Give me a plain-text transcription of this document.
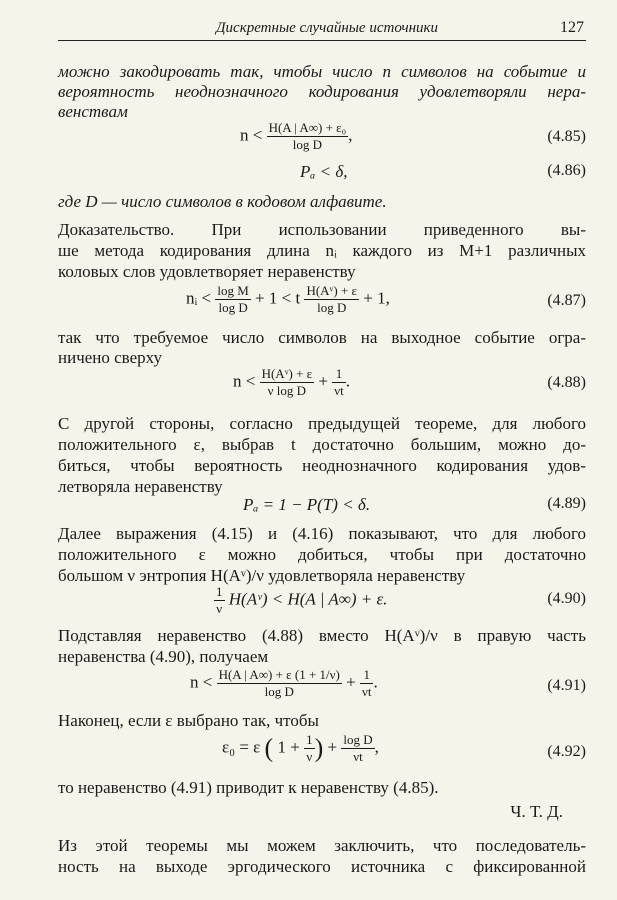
Дискретные случайные источники	127
можно закодировать так, чтобы число n символов на событие и
вероятность неоднозначного кодирования удовлетворяли нера-
венствам
$n < \frac{\text{H(A | A∞) + ε₀}}{\text{log D}}$ ,	(4.85)
Pₐ < δ,	(4.86)
где D — число символов в кодовом алфавите.
Доказательство. При использовании приведенного вы-
ше метода кодирования длина nᵢ каждого из M+1 различных
коловых слов удовлетворяет неравенству
nᵢ < $\frac{\text{log M}}{\text{log D}} + 1 < t \frac{\text{H(Aᵛ) + ε}}{\text{log D}} + 1$,	(4.87)
так что требуемое число символов на выходное событие огра-
ничено сверху
$n < \frac{\text{H(Aᵛ) + ε}}{\text{ν log D}} + \frac{1}{\nu t}$ .	(4.88)
С другой стороны, согласно предыдущей теореме, для любого
положительного ε, выбрав t достаточно большим, можно до-
биться, чтобы вероятность неоднозначного кодирования удов-
летворяла неравенству
Pₐ = 1 − P(T) < δ.	(4.89)
Далее выражения (4.15) и (4.16) показывают, что для любого
положительного ε можно добиться, чтобы при достаточно
большом ν энтропия H(Aᵛ)/ν удовлетворяла неравенству
$\frac{1}{\nu}$ H(Aᵛ) < H(A | A∞) + ε.	(4.90)
Подставляя неравенство (4.88) вместо H(Aᵛ)/ν в правую часть
неравенства (4.90), получаем
$n < \frac{H(A | A\infty) + \varepsilon (1 + 1/\nu)}{\text{log D}} + \frac{1}{\nu t}$ .	(4.91)
Наконец, если ε выбрано так, чтобы
ε₀ = ε ( $1 + \frac{1}{\nu}$ ) + $\frac{\text{log D}}{\nu t}$ ,	(4.92)
то неравенство (4.91) приводит к неравенству (4.85).
Ч. Т. Д.
Из этой теоремы мы можем заключить, что последователь-
ность на выходе эргодического источника с фиксированной
